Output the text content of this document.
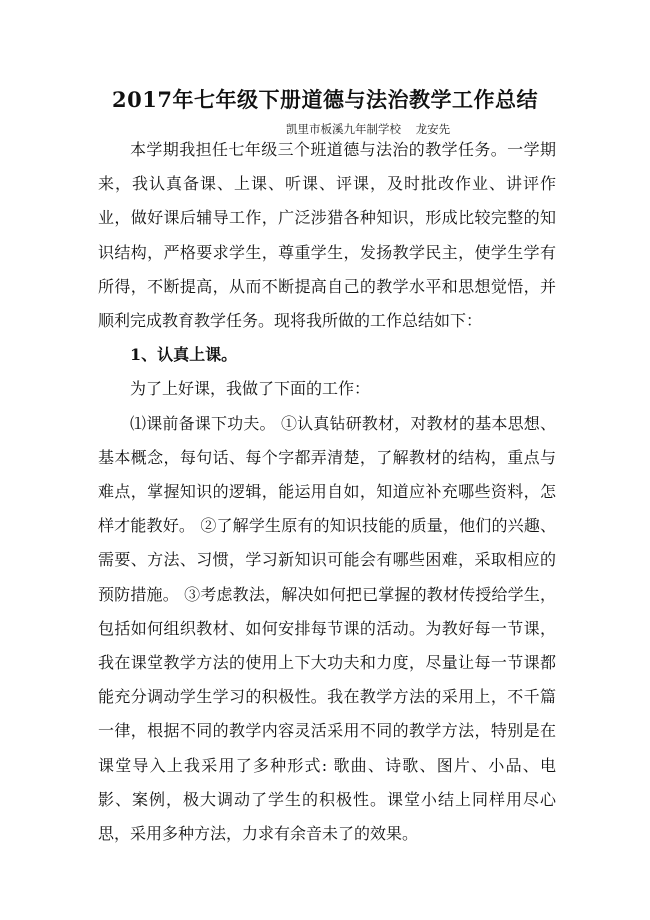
2017年七年级下册道德与法治教学工作总结
凯里市板溪九年制学校    龙安先

本学期我担任七年级三个班道德与法治的教学任务。一学期来，我认真备课、上课、听课、评课，及时批改作业、讲评作业，做好课后辅导工作，广泛涉猎各种知识，形成比较完整的知识结构，严格要求学生，尊重学生，发扬教学民主，使学生学有所得，不断提高，从而不断提高自己的教学水平和思想觉悟，并顺利完成教育教学任务。现将我所做的工作总结如下：

1、认真上课。

为了上好课，我做了下面的工作：

⑴课前备课下功夫。 ①认真钻研教材，对教材的基本思想、基本概念，每句话、每个字都弄清楚，了解教材的结构，重点与难点，掌握知识的逻辑，能运用自如，知道应补充哪些资料，怎样才能教好。 ②了解学生原有的知识技能的质量，他们的兴趣、需要、方法、习惯，学习新知识可能会有哪些困难，采取相应的预防措施。 ③考虑教法，解决如何把已掌握的教材传授给学生，包括如何组织教材、如何安排每节课的活动。为教好每一节课，我在课堂教学方法的使用上下大功夫和力度，尽量让每一节课都能充分调动学生学习的积极性。我在教学方法的采用上，不千篇一律，根据不同的教学内容灵活采用不同的教学方法，特别是在课堂导入上我采用了多种形式: 歌曲、诗歌、图片、小品、电影、案例，极大调动了学生的积极性。课堂小结上同样用尽心思，采用多种方法，力求有余音未了的效果。
